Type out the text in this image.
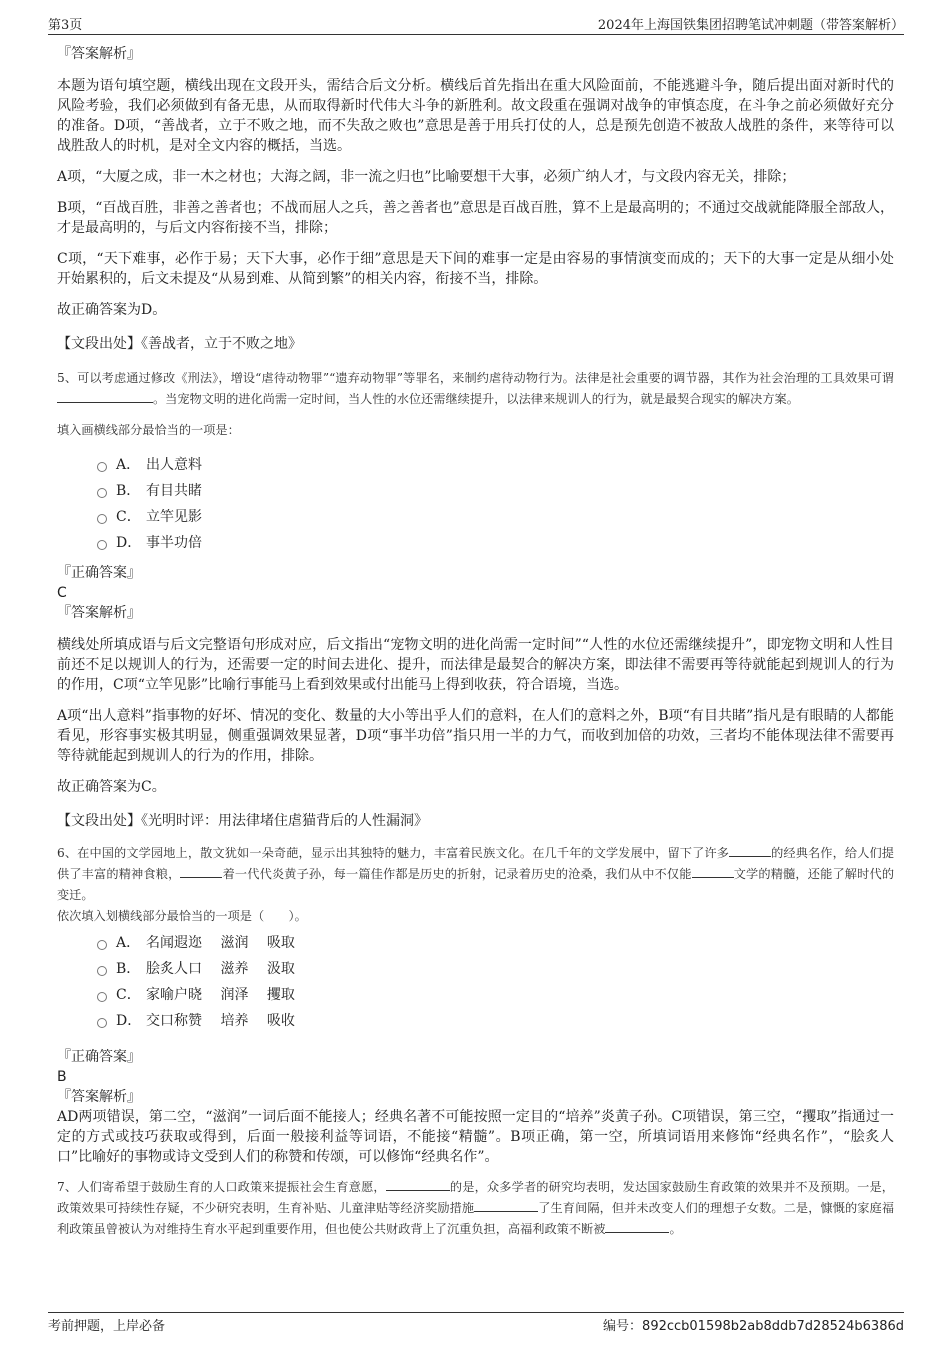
第3页	2024年上海国铁集团招聘笔试冲刺题（带答案解析）
『答案解析』
本题为语句填空题，横线出现在文段开头，需结合后文分析。横线后首先指出在重大风险面前，不能逃避斗争，随后提出面对新时代的风险考验，我们必须做到有备无患，从而取得新时代伟大斗争的新胜利。故文段重在强调对战争的审慎态度，在斗争之前必须做好充分的准备。D项，“善战者，立于不败之地，而不失敌之败也”意思是善于用兵打仗的人，总是预先创造不被敌人战胜的条件，来等待可以战胜敌人的时机，是对全文内容的概括，当选。
A项，“大厦之成，非一木之材也；大海之阔，非一流之归也”比喻要想干大事，必须广纳人才，与文段内容无关，排除；
B项，“百战百胜，非善之善者也；不战而屈人之兵，善之善者也”意思是百战百胜，算不上是最高明的；不通过交战就能降服全部敌人，才是最高明的，与后文内容衔接不当，排除；
C项，“天下难事，必作于易；天下大事，必作于细”意思是天下间的难事一定是由容易的事情演变而成的；天下的大事一定是从细小处开始累积的，后文未提及“从易到难、从简到繁”的相关内容，衔接不当，排除。
故正确答案为D。
【文段出处】《善战者，立于不败之地》
5、可以考虑通过修改《刑法》，增设“虐待动物罪”“遗弃动物罪”等罪名，来制约虐待动物行为。法律是社会重要的调节器，其作为社会治理的工具效果可谓。当宠物文明的进化尚需一定时间，当人性的水位还需继续提升，以法律来规训人的行为，就是最契合现实的解决方案。
填入画横线部分最恰当的一项是：
A． 出人意料
B． 有目共睹
C． 立竿见影
D． 事半功倍
『正确答案』
C
『答案解析』
横线处所填成语与后文完整语句形成对应，后文指出“宠物文明的进化尚需一定时间”“人性的水位还需继续提升”，即宠物文明和人性目前还不足以规训人的行为，还需要一定的时间去进化、提升，而法律是最契合的解决方案，即法律不需要再等待就能起到规训人的行为的作用，C项“立竿见影”比喻行事能马上看到效果或付出能马上得到收获，符合语境，当选。
A项“出人意料”指事物的好坏、情况的变化、数量的大小等出乎人们的意料，在人们的意料之外，B项“有目共睹”指凡是有眼睛的人都能看见，形容事实极其明显，侧重强调效果显著，D项“事半功倍”指只用一半的力气，而收到加倍的功效，三者均不能体现法律不需要再等待就能起到规训人的行为的作用，排除。
故正确答案为C。
【文段出处】《光明时评：用法律堵住虐猫背后的人性漏洞》
6、在中国的文学园地上，散文犹如一朵奇葩，显示出其独特的魅力，丰富着民族文化。在几千年的文学发展中，留下了许多	的经典名作，给人们提供了丰富的精神食粮，	着一代代炎黄子孙，每一篇佳作都是历史的折射，记录着历史的沧桑，我们从中不仅能	文学的精髓，还能了解时代的变迁。
依次填入划横线部分最恰当的一项是（　　）。
A． 名闻遐迩　 滋润　 吸取
B． 脍炙人口　 滋养　 汲取
C． 家喻户晓　 润泽　 攫取
D． 交口称赞　 培养　 吸收
『正确答案』
B
『答案解析』
AD两项错误，第二空，“滋润”一词后面不能接人；经典名著不可能按照一定目的“培养”炎黄子孙。C项错误，第三空，“攫取”指通过一定的方式或技巧获取或得到，后面一般接利益等词语，不能接“精髓”。B项正确，第一空，所填词语用来修饰“经典名作”，“脍炙人口”比喻好的事物或诗文受到人们的称赞和传颂，可以修饰“经典名作”。
7、人们寄希望于鼓励生育的人口政策来提振社会生育意愿，	的是，众多学者的研究均表明，发达国家鼓励生育政策的效果并不及预期。一是，政策效果可持续性存疑，不少研究表明，生育补贴、儿童津贴等经济奖励措施	了生育间隔，但并未改变人们的理想子女数。二是，慷慨的家庭福利政策虽曾被认为对维持生育水平起到重要作用，但也使公共财政背上了沉重负担，高福利政策不断被	。
考前押题，上岸必备	编号：892ccb01598b2ab8ddb7d28524b6386d
